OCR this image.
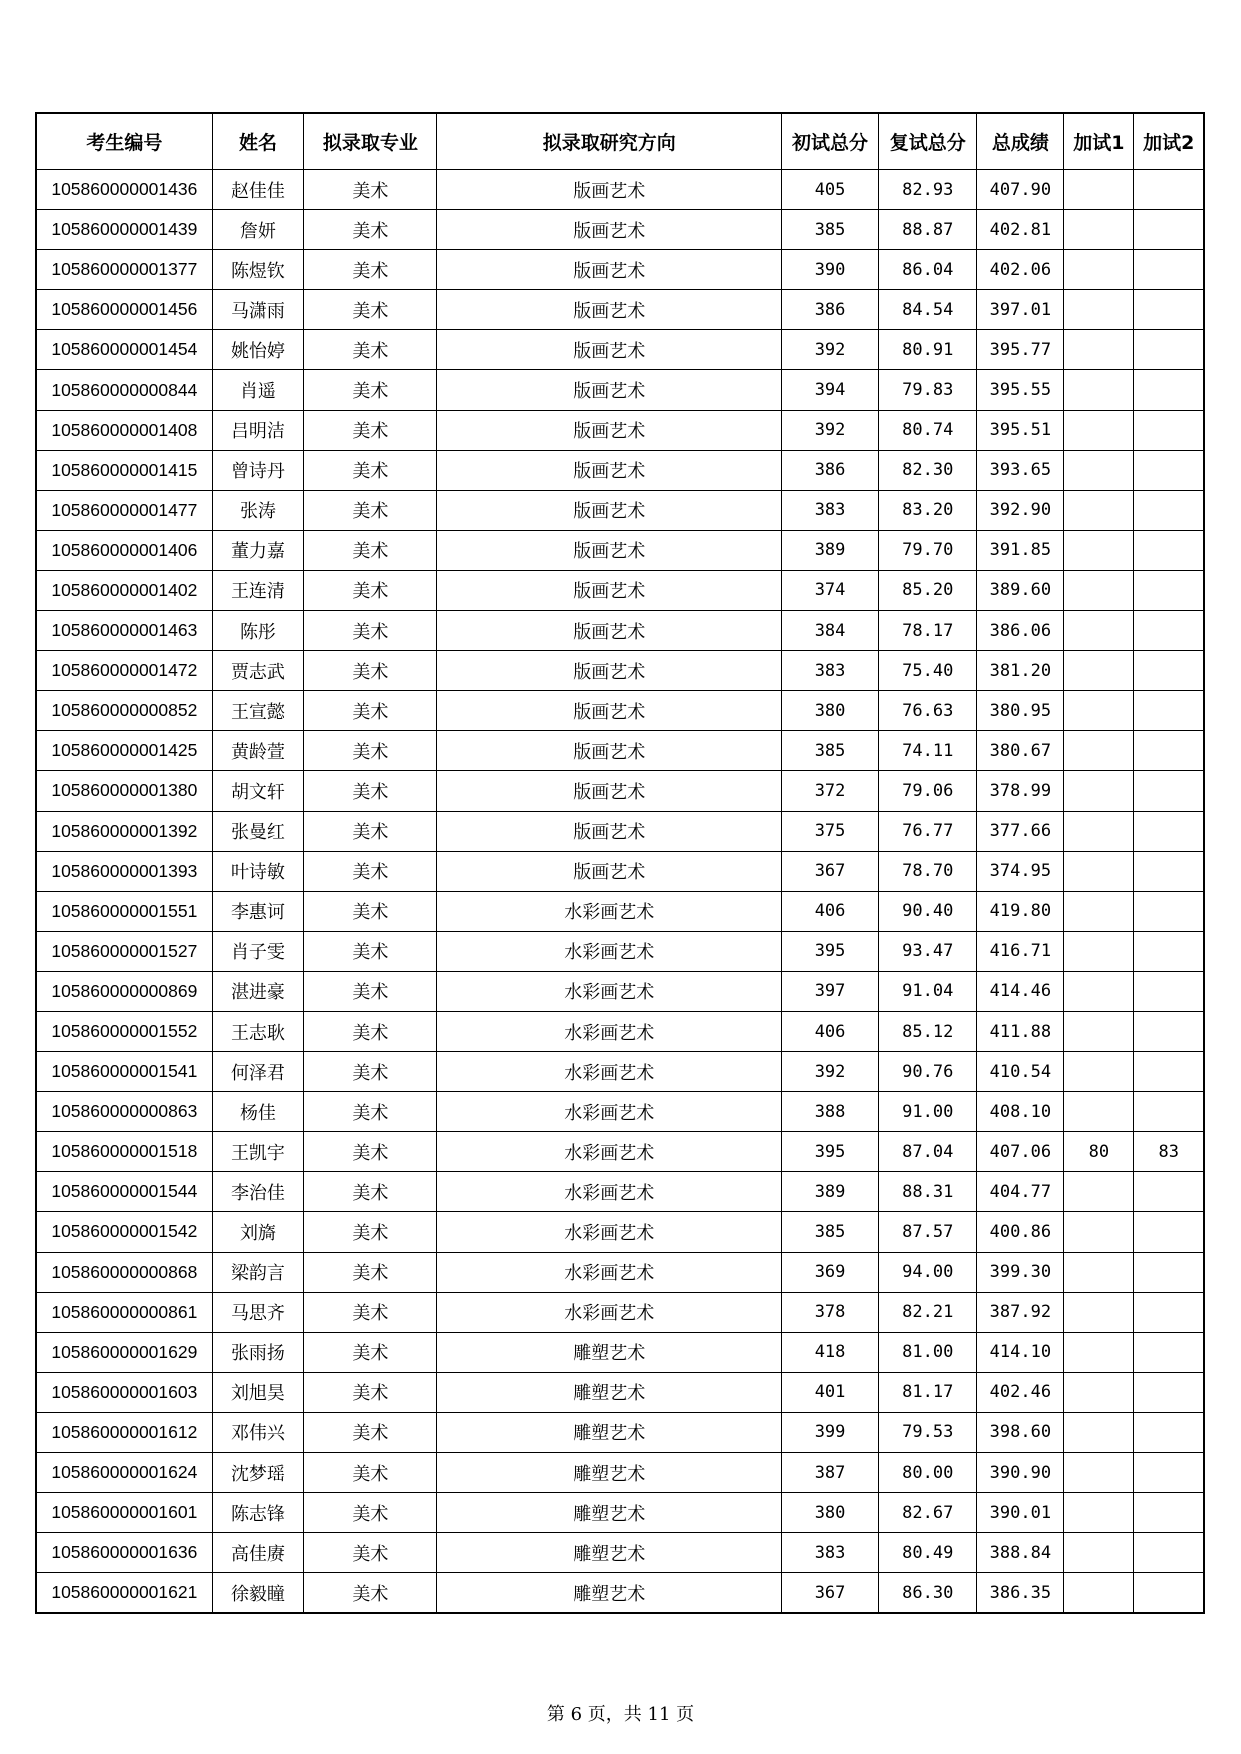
考生编号	姓名	拟录取专业	拟录取研究方向	初试总分	复试总分	总成绩	加试1	加试2
105860000001436	赵佳佳	美术	版画艺术	405	82.93	407.90		
105860000001439	詹妍	美术	版画艺术	385	88.87	402.81		
105860000001377	陈煜钦	美术	版画艺术	390	86.04	402.06		
105860000001456	马潇雨	美术	版画艺术	386	84.54	397.01		
105860000001454	姚怡婷	美术	版画艺术	392	80.91	395.77		
105860000000844	肖遥	美术	版画艺术	394	79.83	395.55		
105860000001408	吕明洁	美术	版画艺术	392	80.74	395.51		
105860000001415	曾诗丹	美术	版画艺术	386	82.30	393.65		
105860000001477	张涛	美术	版画艺术	383	83.20	392.90		
105860000001406	董力嘉	美术	版画艺术	389	79.70	391.85		
105860000001402	王连清	美术	版画艺术	374	85.20	389.60		
105860000001463	陈彤	美术	版画艺术	384	78.17	386.06		
105860000001472	贾志武	美术	版画艺术	383	75.40	381.20		
105860000000852	王宣懿	美术	版画艺术	380	76.63	380.95		
105860000001425	黄龄萱	美术	版画艺术	385	74.11	380.67		
105860000001380	胡文轩	美术	版画艺术	372	79.06	378.99		
105860000001392	张曼红	美术	版画艺术	375	76.77	377.66		
105860000001393	叶诗敏	美术	版画艺术	367	78.70	374.95		
105860000001551	李惠诃	美术	水彩画艺术	406	90.40	419.80		
105860000001527	肖子雯	美术	水彩画艺术	395	93.47	416.71		
105860000000869	湛进豪	美术	水彩画艺术	397	91.04	414.46		
105860000001552	王志耿	美术	水彩画艺术	406	85.12	411.88		
105860000001541	何泽君	美术	水彩画艺术	392	90.76	410.54		
105860000000863	杨佳	美术	水彩画艺术	388	91.00	408.10		
105860000001518	王凯宇	美术	水彩画艺术	395	87.04	407.06	80	83
105860000001544	李治佳	美术	水彩画艺术	389	88.31	404.77		
105860000001542	刘旖	美术	水彩画艺术	385	87.57	400.86		
105860000000868	梁韵言	美术	水彩画艺术	369	94.00	399.30		
105860000000861	马思齐	美术	水彩画艺术	378	82.21	387.92		
105860000001629	张雨扬	美术	雕塑艺术	418	81.00	414.10		
105860000001603	刘旭昊	美术	雕塑艺术	401	81.17	402.46		
105860000001612	邓伟兴	美术	雕塑艺术	399	79.53	398.60		
105860000001624	沈梦瑶	美术	雕塑艺术	387	80.00	390.90		
105860000001601	陈志锋	美术	雕塑艺术	380	82.67	390.01		
105860000001636	高佳赓	美术	雕塑艺术	383	80.49	388.84		
105860000001621	徐毅瞳	美术	雕塑艺术	367	86.30	386.35		
第 6 页，共 11 页
